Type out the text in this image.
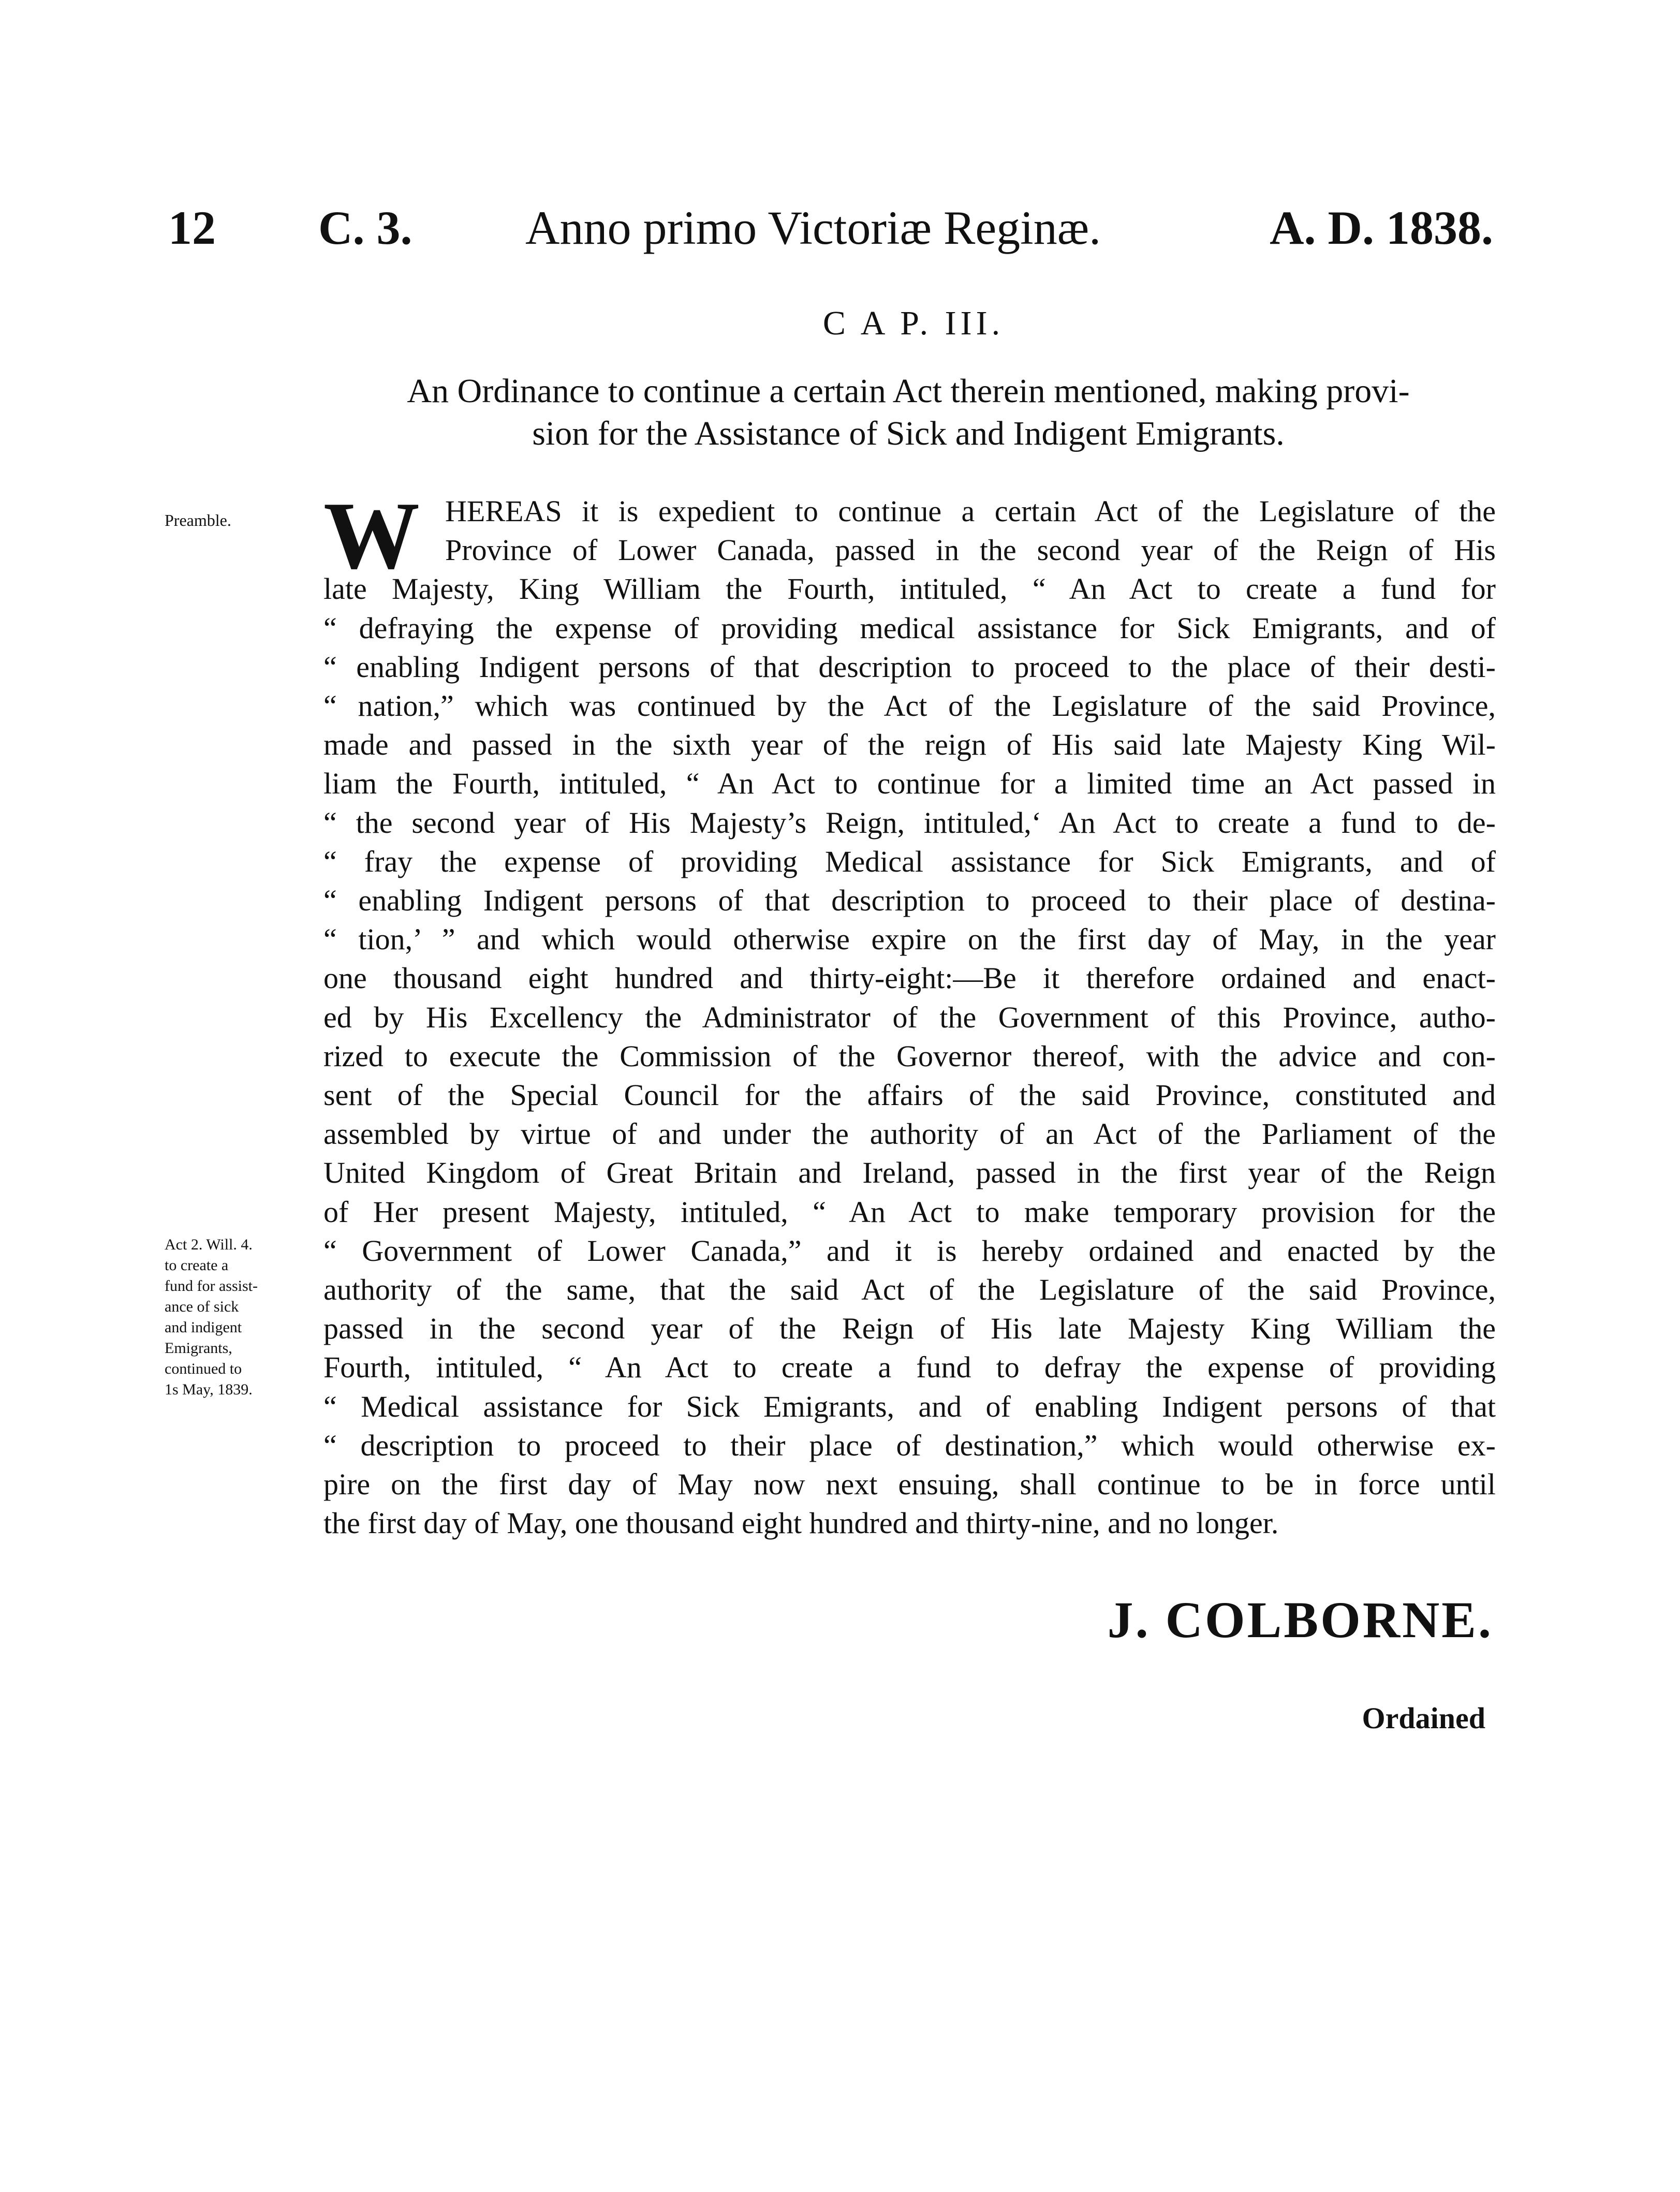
12 C. 3. Anno primo Victoriæ Reginæ.	A. D. 1838.
C A P. III.
An Ordinance to continue a certain Act therein mentioned, making provi-
sion for the Assistance of Sick and Indigent Emigrants.
Preamble.
Act 2. Will. 4.
to create a
fund for assist-
ance of sick
and indigent
Emigrants,
continued to
1s May, 1839.
W HEREAS it is expedient to continue a certain Act of the Legislature of the
Province of Lower Canada, passed in the second year of the Reign of His
late Majesty, King William the Fourth, intituled, “ An Act to create a fund for
“ defraying the expense of providing medical assistance for Sick Emigrants, and of
“ enabling Indigent persons of that description to proceed to the place of their desti-
“ nation,” which was continued by the Act of the Legislature of the said Province,
made and passed in the sixth year of the reign of His said late Majesty King Wil-
liam the Fourth, intituled, “ An Act to continue for a limited time an Act passed in
“ the second year of His Majesty’s Reign, intituled,‘ An Act to create a fund to de-
“ fray the expense of providing Medical assistance for Sick Emigrants, and of
“ enabling Indigent persons of that description to proceed to their place of destina-
“ tion,’ ” and which would otherwise expire on the first day of May, in the year
one thousand eight hundred and thirty-eight:—Be it therefore ordained and enact-
ed by His Excellency the Administrator of the Government of this Province, autho-
rized to execute the Commission of the Governor thereof, with the advice and con-
sent of the Special Council for the affairs of the said Province, constituted and
assembled by virtue of and under the authority of an Act of the Parliament of the
United Kingdom of Great Britain and Ireland, passed in the first year of the Reign
of Her present Majesty, intituled, “ An Act to make temporary provision for the
“ Government of Lower Canada,” and it is hereby ordained and enacted by the
authority of the same, that the said Act of the Legislature of the said Province,
passed in the second year of the Reign of His late Majesty King William the
Fourth, intituled, “ An Act to create a fund to defray the expense of providing
“ Medical assistance for Sick Emigrants, and of enabling Indigent persons of that
“ description to proceed to their place of destination,” which would otherwise ex-
pire on the first day of May now next ensuing, shall continue to be in force until
the first day of May, one thousand eight hundred and thirty-nine, and no longer.
J. COLBORNE.
Ordained
